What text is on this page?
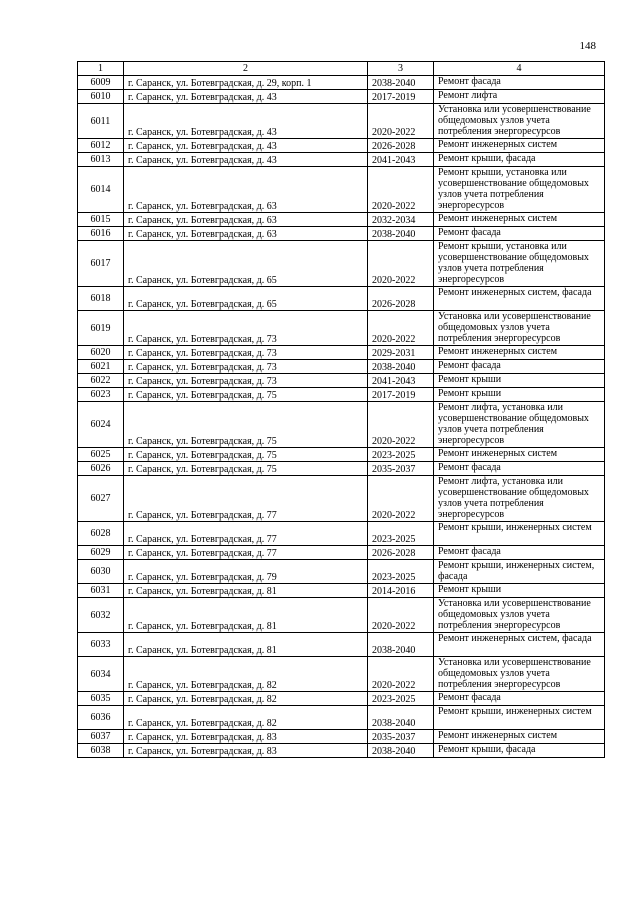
148
1	2	3	4
6009	г. Саранск, ул. Ботевградская, д. 29, корп. 1	2038-2040	Ремонт фасада
6010	г. Саранск, ул. Ботевградская, д. 43	2017-2019	Ремонт лифта
6011	г. Саранск, ул. Ботевградская, д. 43	2020-2022	Установка или усовершенствование общедомовых узлов учета потребления энергоресурсов
6012	г. Саранск, ул. Ботевградская, д. 43	2026-2028	Ремонт инженерных систем
6013	г. Саранск, ул. Ботевградская, д. 43	2041-2043	Ремонт крыши, фасада
6014	г. Саранск, ул. Ботевградская, д. 63	2020-2022	Ремонт крыши, установка или усовершенствование общедомовых узлов учета потребления энергоресурсов
6015	г. Саранск, ул. Ботевградская, д. 63	2032-2034	Ремонт инженерных систем
6016	г. Саранск, ул. Ботевградская, д. 63	2038-2040	Ремонт фасада
6017	г. Саранск, ул. Ботевградская, д. 65	2020-2022	Ремонт крыши, установка или усовершенствование общедомовых узлов учета потребления энергоресурсов
6018	г. Саранск, ул. Ботевградская, д. 65	2026-2028	Ремонт инженерных систем, фасада
6019	г. Саранск, ул. Ботевградская, д. 73	2020-2022	Установка или усовершенствование общедомовых узлов учета потребления энергоресурсов
6020	г. Саранск, ул. Ботевградская, д. 73	2029-2031	Ремонт инженерных систем
6021	г. Саранск, ул. Ботевградская, д. 73	2038-2040	Ремонт фасада
6022	г. Саранск, ул. Ботевградская, д. 73	2041-2043	Ремонт крыши
6023	г. Саранск, ул. Ботевградская, д. 75	2017-2019	Ремонт крыши
6024	г. Саранск, ул. Ботевградская, д. 75	2020-2022	Ремонт лифта, установка или усовершенствование общедомовых узлов учета потребления энергоресурсов
6025	г. Саранск, ул. Ботевградская, д. 75	2023-2025	Ремонт инженерных систем
6026	г. Саранск, ул. Ботевградская, д. 75	2035-2037	Ремонт фасада
6027	г. Саранск, ул. Ботевградская, д. 77	2020-2022	Ремонт лифта, установка или усовершенствование общедомовых узлов учета потребления энергоресурсов
6028	г. Саранск, ул. Ботевградская, д. 77	2023-2025	Ремонт крыши, инженерных систем
6029	г. Саранск, ул. Ботевградская, д. 77	2026-2028	Ремонт фасада
6030	г. Саранск, ул. Ботевградская, д. 79	2023-2025	Ремонт крыши, инженерных систем, фасада
6031	г. Саранск, ул. Ботевградская, д. 81	2014-2016	Ремонт крыши
6032	г. Саранск, ул. Ботевградская, д. 81	2020-2022	Установка или усовершенствование общедомовых узлов учета потребления энергоресурсов
6033	г. Саранск, ул. Ботевградская, д. 81	2038-2040	Ремонт инженерных систем, фасада
6034	г. Саранск, ул. Ботевградская, д. 82	2020-2022	Установка или усовершенствование общедомовых узлов учета потребления энергоресурсов
6035	г. Саранск, ул. Ботевградская, д. 82	2023-2025	Ремонт фасада
6036	г. Саранск, ул. Ботевградская, д. 82	2038-2040	Ремонт крыши, инженерных систем
6037	г. Саранск, ул. Ботевградская, д. 83	2035-2037	Ремонт инженерных систем
6038	г. Саранск, ул. Ботевградская, д. 83	2038-2040	Ремонт крыши, фасада
